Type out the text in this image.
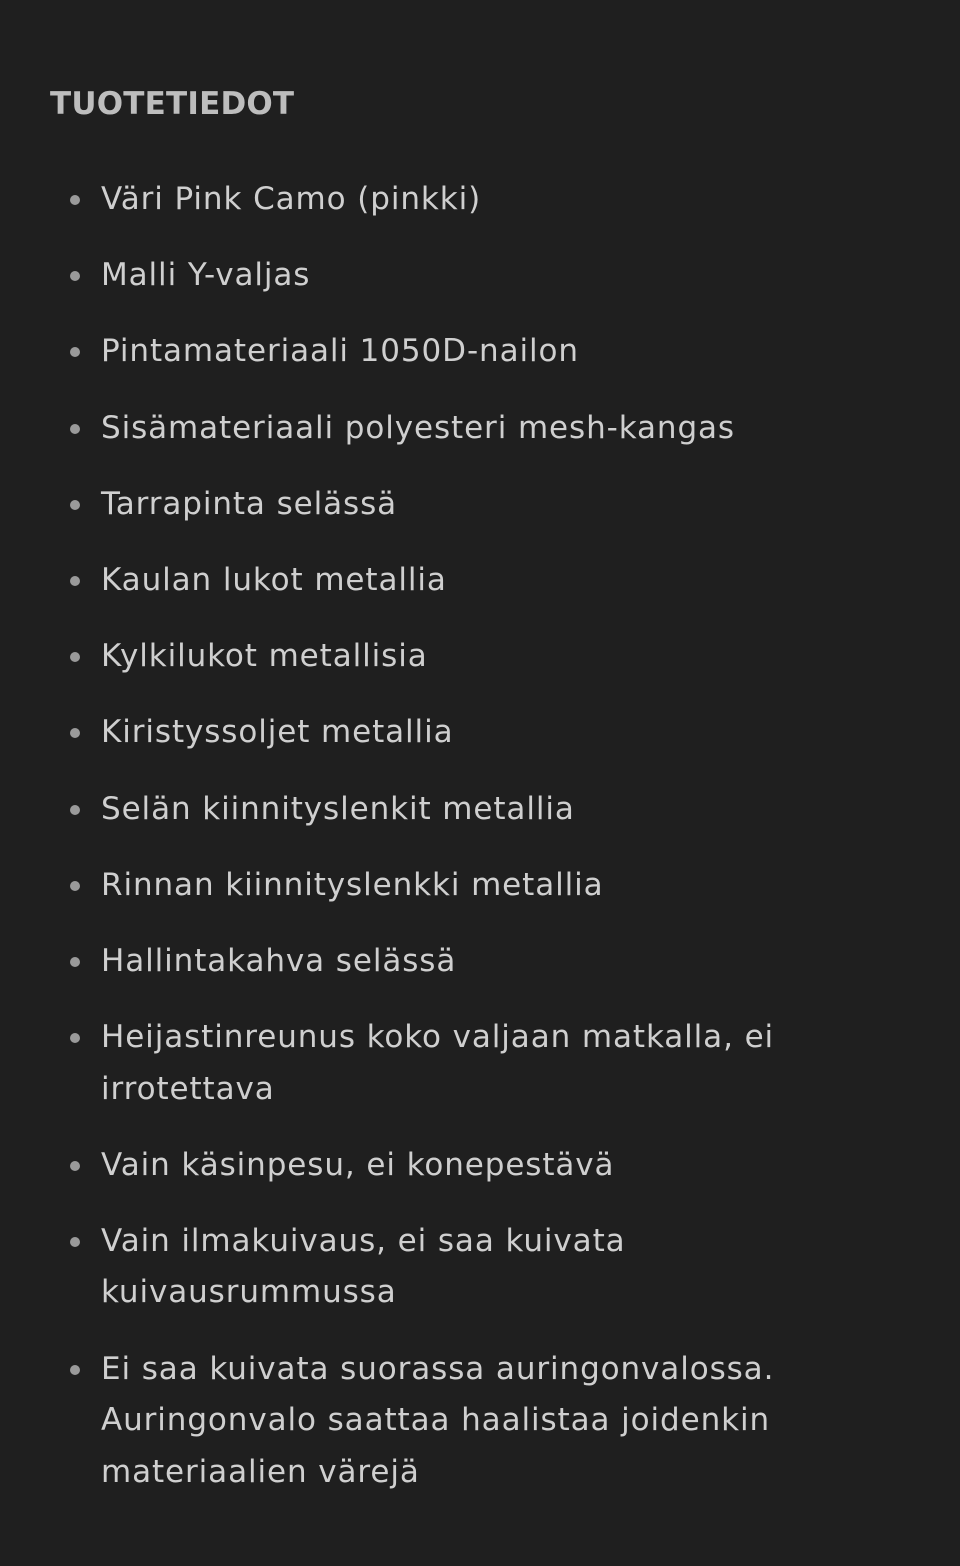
TUOTETIEDOT
Väri Pink Camo (pinkki)
Malli Y-valjas
Pintamateriaali 1050D-nailon
Sisämateriaali polyesteri mesh-kangas
Tarrapinta selässä
Kaulan lukot metallia
Kylkilukot metallisia
Kiristyssoljet metallia
Selän kiinnityslenkit metallia
Rinnan kiinnityslenkki metallia
Hallintakahva selässä
Heijastinreunus koko valjaan matkalla, ei irrotettava
Vain käsinpesu, ei konepestävä
Vain ilmakuivaus, ei saa kuivata kuivausrummussa
Ei saa kuivata suorassa auringonvalossa. Auringonvalo saattaa haalistaa joidenkin materiaalien värejä
